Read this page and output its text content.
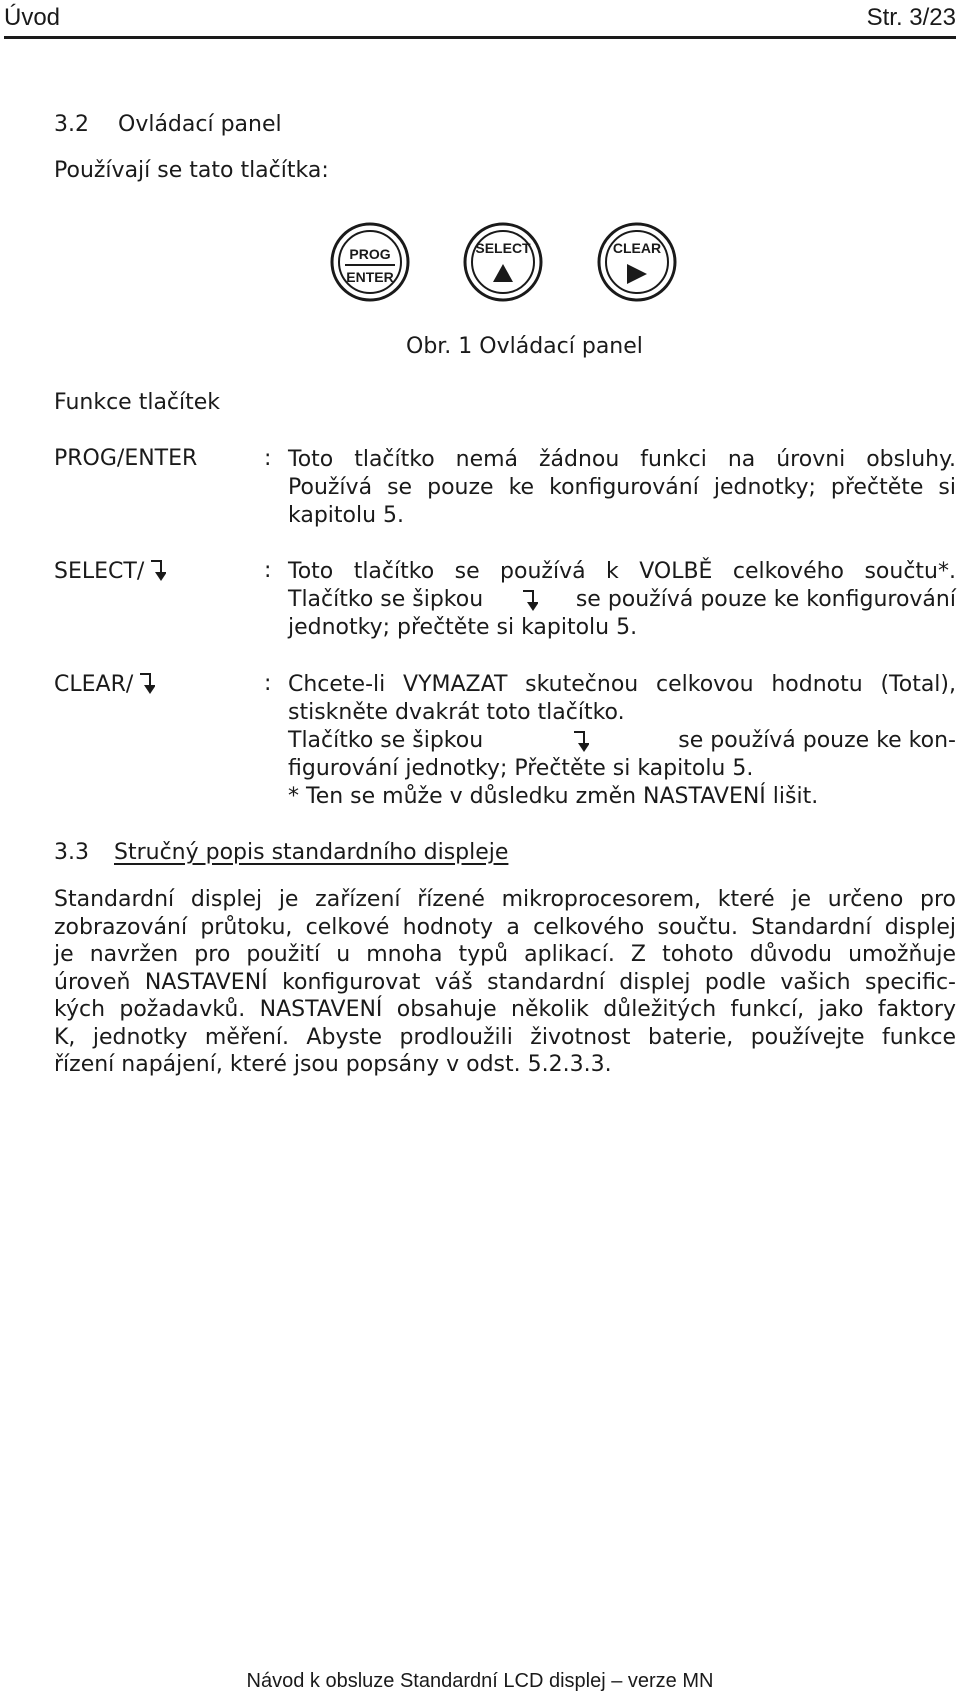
Úvod	Str. 3/23
3.2 Ovládací panel
Používají se tato tlačítka:
PROG
ENTER
SELECT	CLEAR
Obr. 1 Ovládací panel
Funkce tlačítek
PROG/ENTER	: Toto tlačítko nemá žádnou funkci na úrovni obsluhy.
Používá se pouze ke konfigurování jednotky; přečtěte si
kapitolu 5.
SELECT/	: Toto tlačítko se používá k VOLBĚ celkového součtu*.
Tlačítko se šipkou	se používá pouze ke konfigurování
jednotky; přečtěte si kapitolu 5.
CLEAR/	: Chcete-li VYMAZAT skutečnou celkovou hodnotu (Total),
stiskněte dvakrát toto tlačítko.
Tlačítko se šipkou	se používá pouze ke kon-
figurování jednotky; Přečtěte si kapitolu 5.
* Ten se může v důsledku změn NASTAVENÍ lišit.
3.3 Stručný popis standardního displeje
Standardní displej je zařízení řízené mikroprocesorem, které je určeno pro
zobrazování průtoku, celkové hodnoty a celkového součtu. Standardní displej
je navržen pro použití u mnoha typů aplikací. Z tohoto důvodu umožňuje
úroveň NASTAVENÍ konfigurovat váš standardní displej podle vašich specific-
kých požadavků. NASTAVENÍ obsahuje několik důležitých funkcí, jako faktory
K, jednotky měření. Abyste prodloužili životnost baterie, používejte funkce
řízení napájení, které jsou popsány v odst. 5.2.3.3.
Návod k obsluze Standardní LCD displej – verze MN
